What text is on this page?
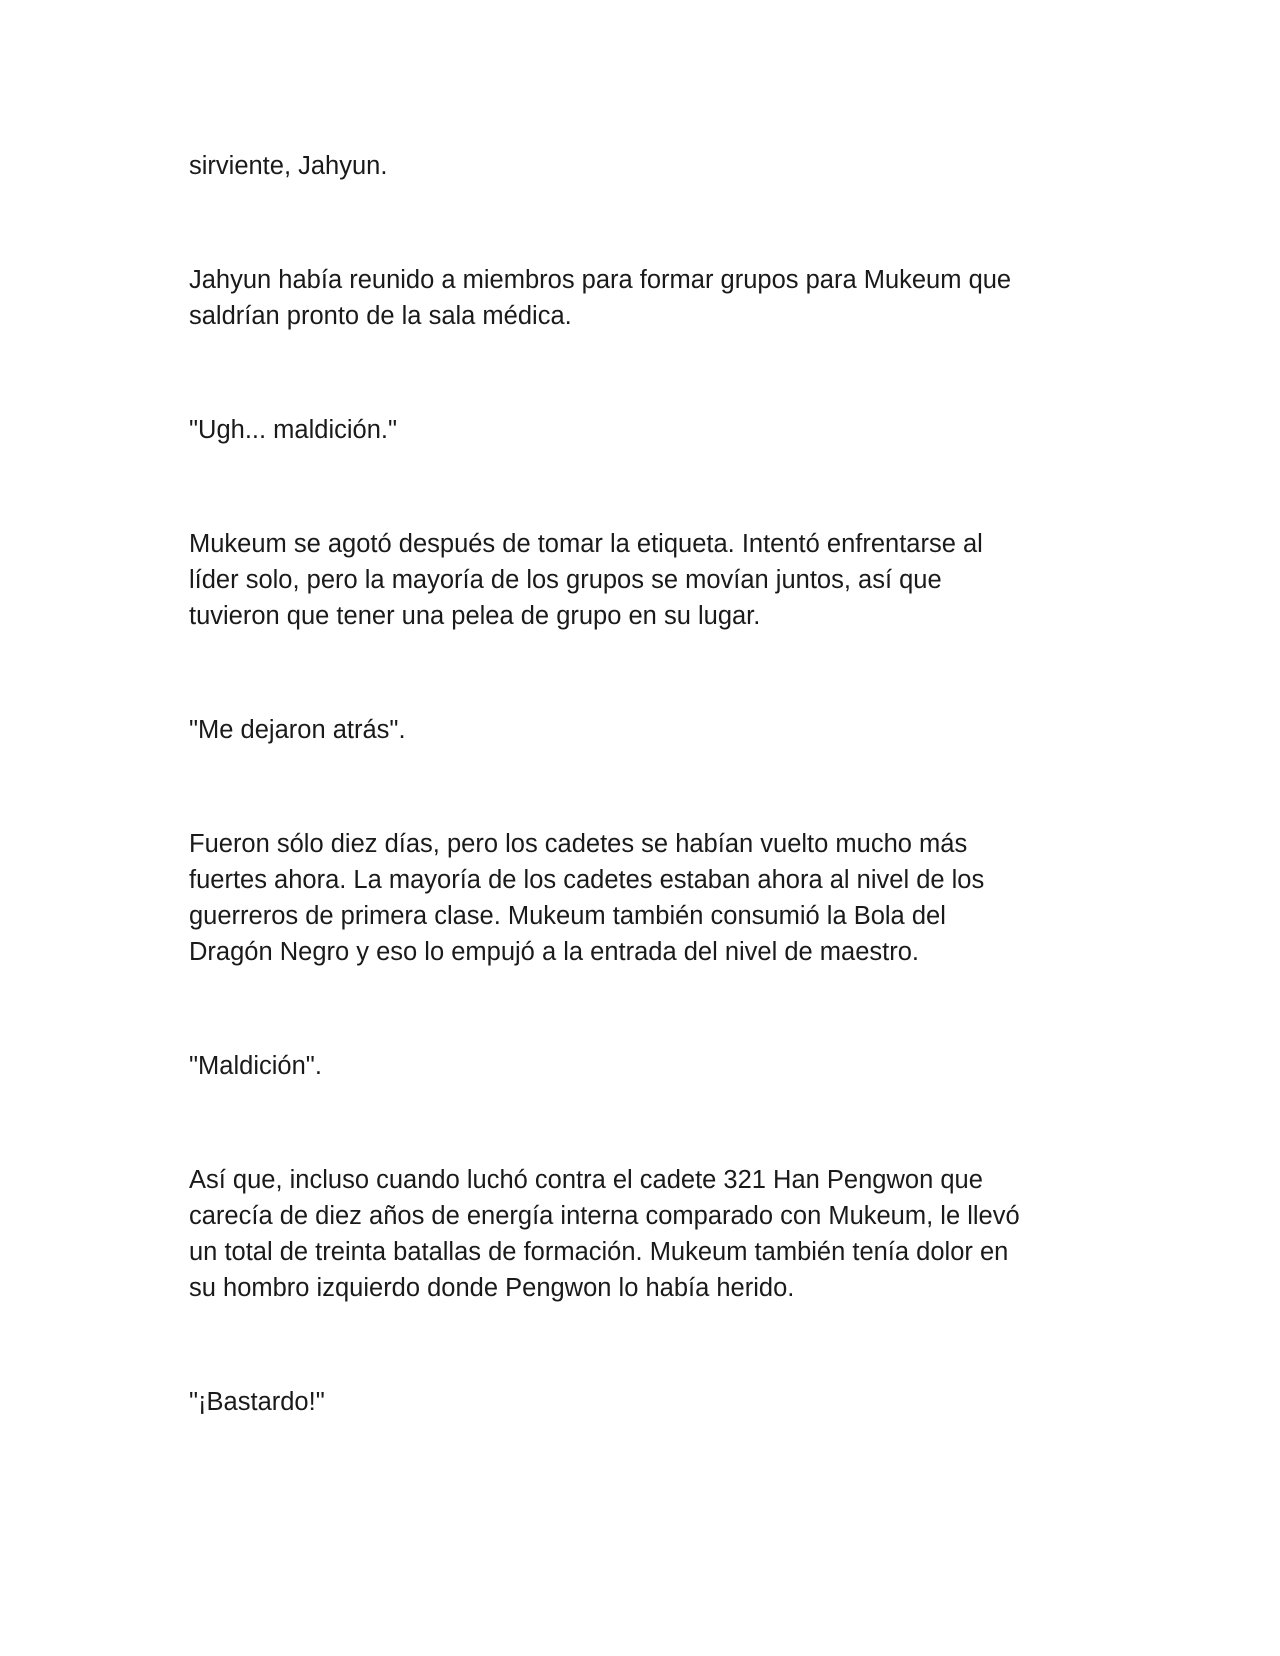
sirviente, Jahyun.

Jahyun había reunido a miembros para formar grupos para Mukeum que
saldrían pronto de la sala médica.

"Ugh... maldición."

Mukeum se agotó después de tomar la etiqueta. Intentó enfrentarse al
líder solo, pero la mayoría de los grupos se movían juntos, así que
tuvieron que tener una pelea de grupo en su lugar.

"Me dejaron atrás".

Fueron sólo diez días, pero los cadetes se habían vuelto mucho más
fuertes ahora. La mayoría de los cadetes estaban ahora al nivel de los
guerreros de primera clase. Mukeum también consumió la Bola del
Dragón Negro y eso lo empujó a la entrada del nivel de maestro.

"Maldición".

Así que, incluso cuando luchó contra el cadete 321 Han Pengwon que
carecía de diez años de energía interna comparado con Mukeum, le llevó
un total de treinta batallas de formación. Mukeum también tenía dolor en
su hombro izquierdo donde Pengwon lo había herido.

"¡Bastardo!"
